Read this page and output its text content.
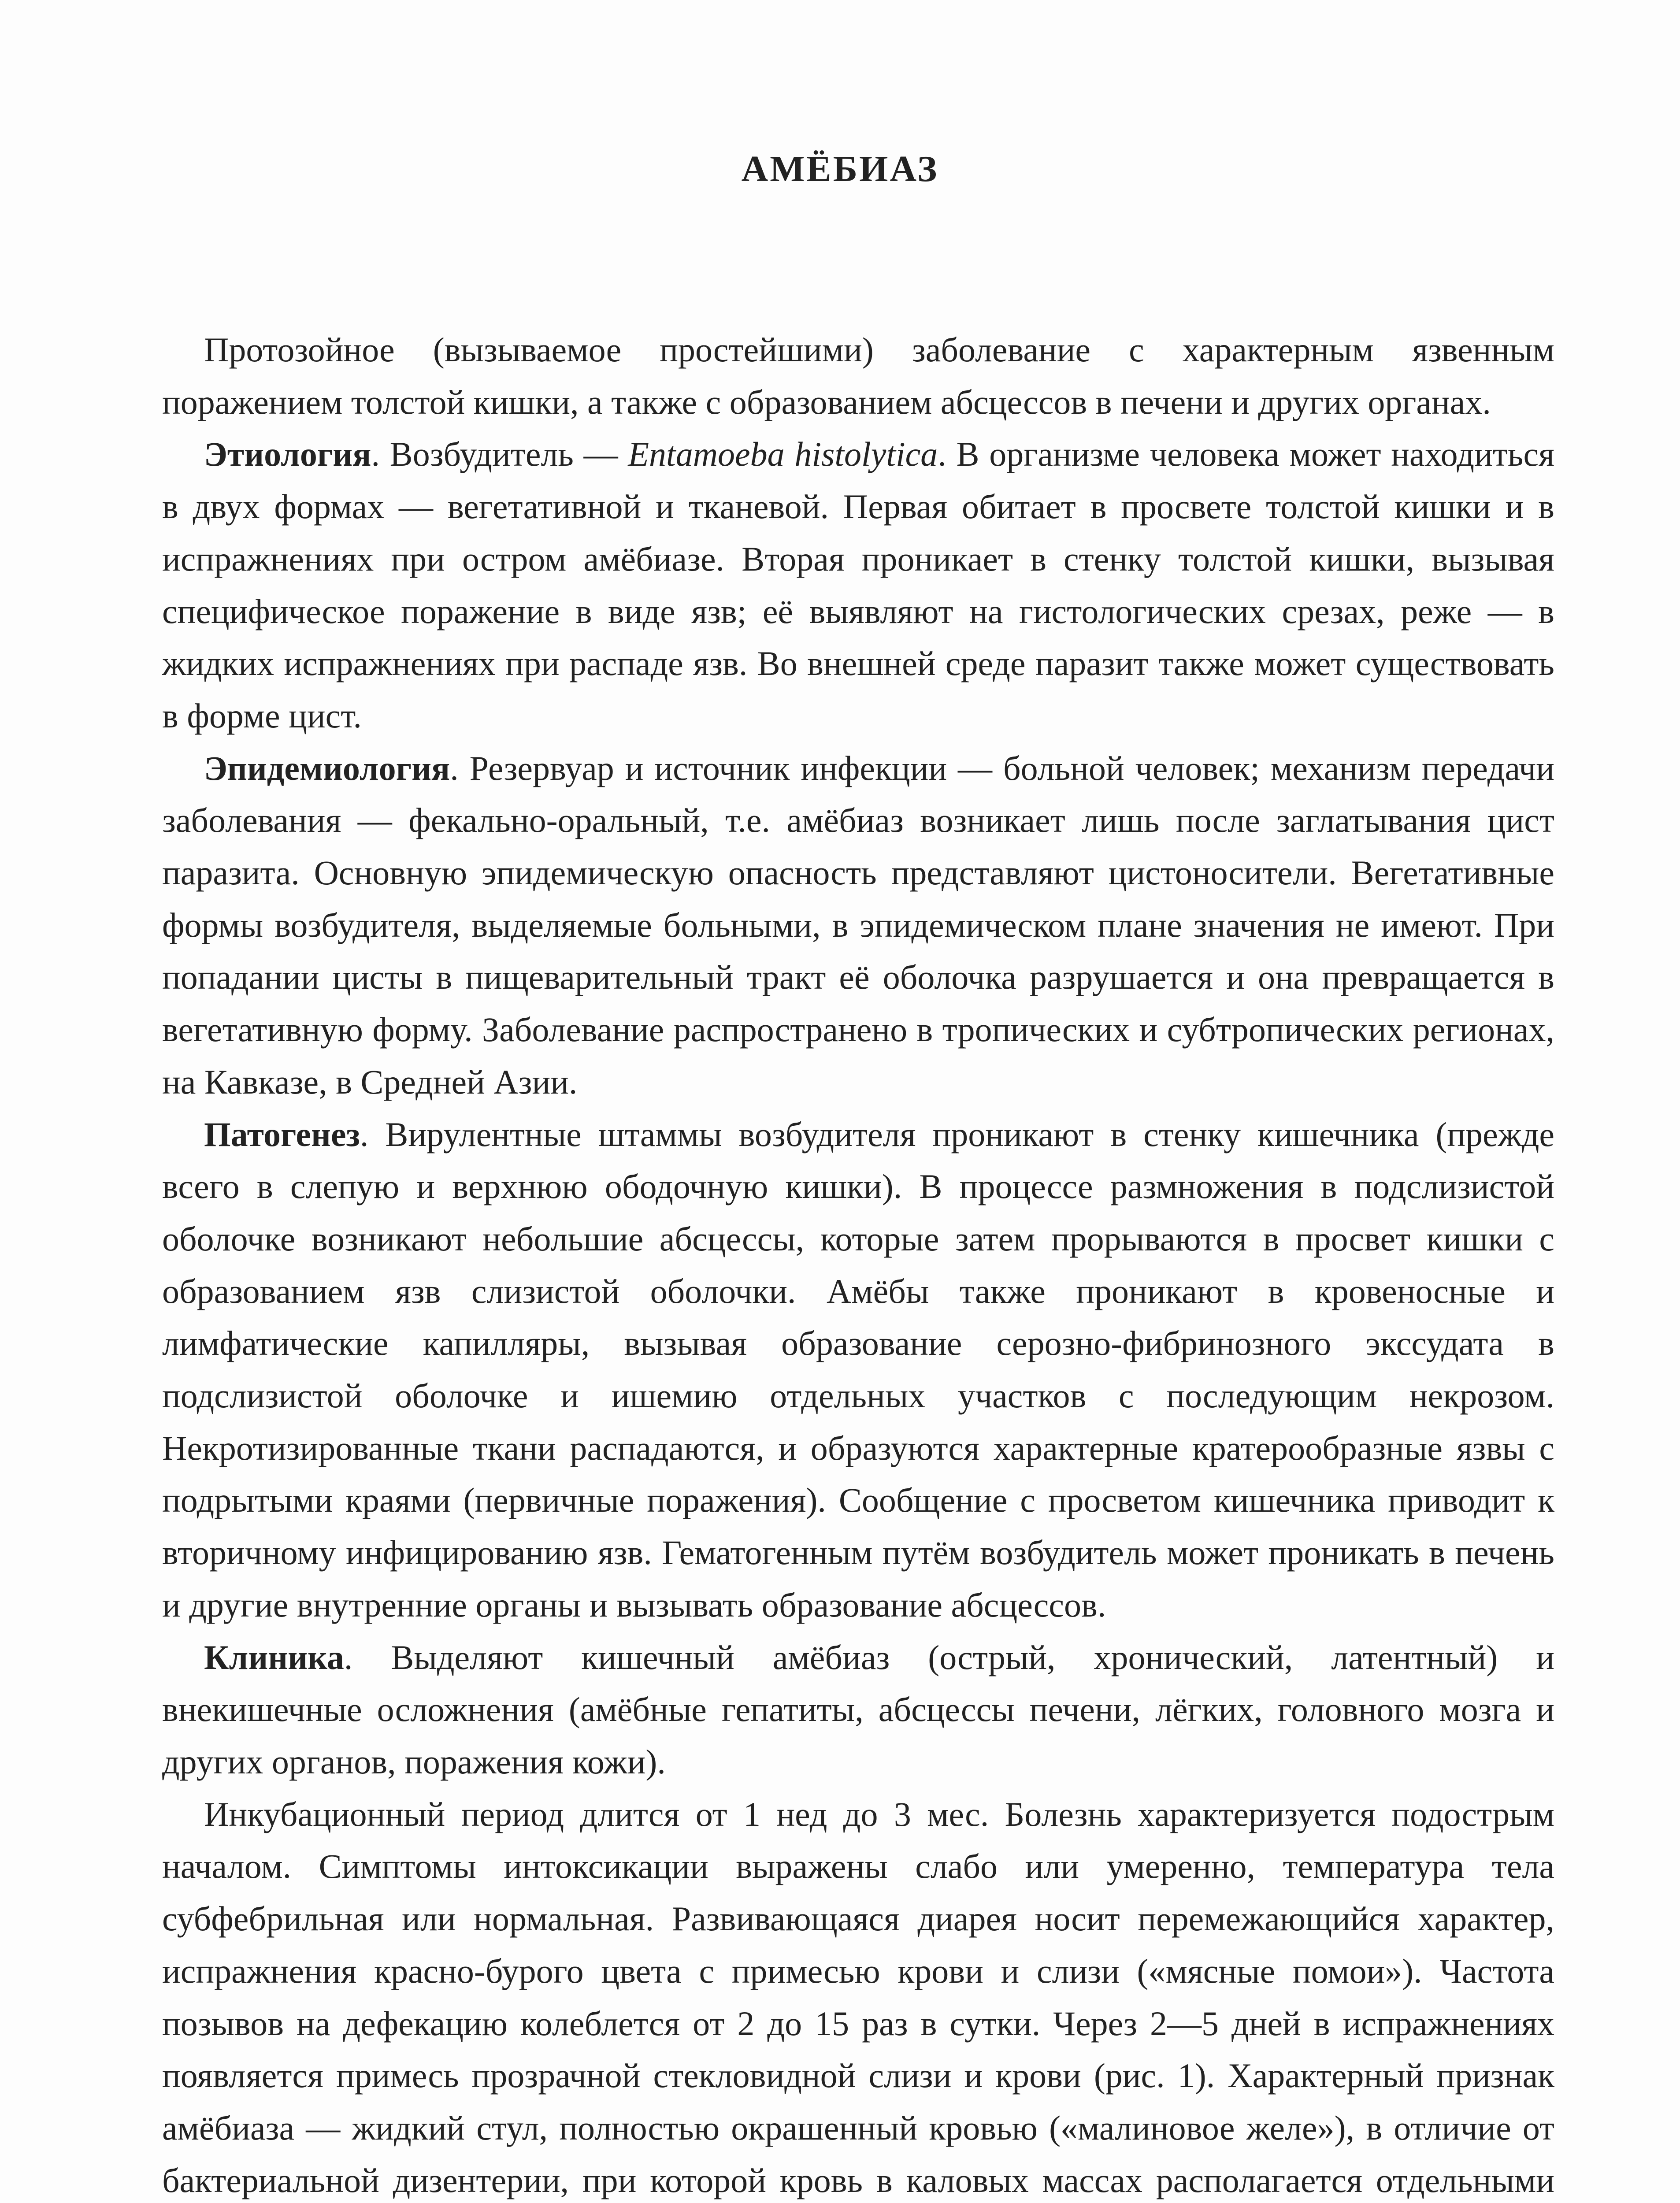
АМЁБИАЗ

Протозойное (вызываемое простейшими) заболевание с характерным язвенным поражением толстой кишки, а также с образованием абсцессов в печени и других органах.

Этиология. Возбудитель — Entamoeba histolytica. В организме человека может находиться в двух формах — вегетативной и тканевой. Первая обитает в просвете толстой кишки и в испражнениях при остром амёбиазе. Вторая проникает в стенку толстой кишки, вызывая специфическое поражение в виде язв; её выявляют на гистологических срезах, реже — в жидких испражнениях при распаде язв. Во внешней среде паразит также может существовать в форме цист.

Эпидемиология. Резервуар и источник инфекции — больной человек; механизм передачи заболевания — фекально-оральный, т.е. амёбиаз возникает лишь после заглатывания цист паразита. Основную эпидемическую опасность представляют цистоносители. Вегетативные формы возбудителя, выделяемые больными, в эпидемическом плане значения не имеют. При попадании цисты в пищеварительный тракт её оболочка разрушается и она превращается в вегетативную форму. Заболевание распространено в тропических и субтропических регионах, на Кавказе, в Средней Азии.

Патогенез. Вирулентные штаммы возбудителя проникают в стенку кишечника (прежде всего в слепую и верхнюю ободочную кишки). В процессе размножения в подслизистой оболочке возникают небольшие абсцессы, которые затем прорываются в просвет кишки с образованием язв слизистой оболочки. Амёбы также проникают в кровеносные и лимфатические капилляры, вызывая образование серозно-фибринозного экссудата в подслизистой оболочке и ишемию отдельных участков с последующим некрозом. Некротизированные ткани распадаются, и образуются характерные кратерообразные язвы с подрытыми краями (первичные поражения). Сообщение с просветом кишечника приводит к вторичному инфицированию язв. Гематогенным путём возбудитель может проникать в печень и другие внутренние органы и вызывать образование абсцессов.

Клиника. Выделяют кишечный амёбиаз (острый, хронический, латентный) и внекишечные осложнения (амёбные гепатиты, абсцессы печени, лёгких, головного мозга и других органов, поражения кожи).

Инкубационный период длится от 1 нед до 3 мес. Болезнь характеризуется подострым началом. Симптомы интоксикации выражены слабо или умеренно, температура тела субфебрильная или нормальная. Развивающаяся диарея носит перемежающийся характер, испражнения красно-бурого цвета с примесью крови и слизи («мясные помои»). Частота позывов на дефекацию колеблется от 2 до 15 раз в сутки. Через 2—5 дней в испражнениях появляется примесь прозрачной стекловидной слизи и крови (рис. 1). Характерный признак амёбиаза — жидкий стул, полностью окрашенный кровью («малиновое желе»), в отличие от бактериальной дизентерии, при которой кровь в каловых массах располагается отдельными
